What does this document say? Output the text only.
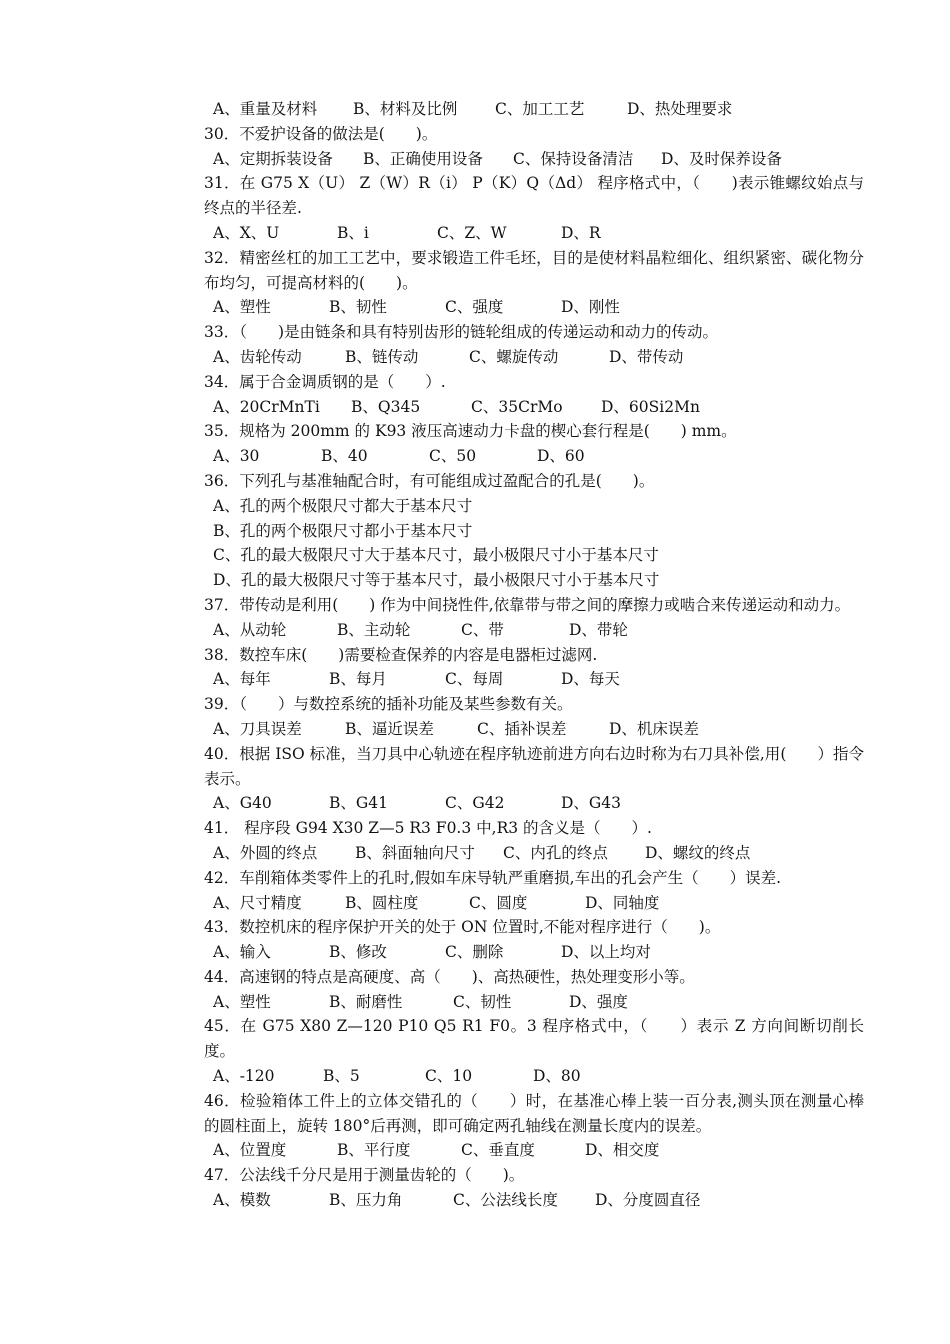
A、重量及材料	B、材料及比例	C、加工工艺	D、热处理要求
30．不爱护设备的做法是(　　)。
A、定期拆装设备	B、正确使用设备	C、保持设备清洁	D、及时保养设备
31．在 G75 X（U） Z（W）R（i） P（K）Q（Δd） 程序格式中，（　　)表示锥螺纹始点与终点的半径差.
A、X、U	B、i	C、Z、W	D、R
32．精密丝杠的加工工艺中，要求锻造工件毛坯，目的是使材料晶粒细化、组织紧密、碳化物分布均匀，可提高材料的(　　)。
A、塑性	B、韧性	C、强度	D、刚性
33．（　　)是由链条和具有特别齿形的链轮组成的传递运动和动力的传动。
A、齿轮传动	B、链传动	C、螺旋传动	D、带传动
34．属于合金调质钢的是（　　）.
A、20CrMnTi	B、Q345	C、35CrMo	D、60Si2Mn
35．规格为 200mm 的 K93 液压高速动力卡盘的楔心套行程是(　　) mm。
A、30	B、40	C、50	D、60
36．下列孔与基准轴配合时，有可能组成过盈配合的孔是(　　)。
A、孔的两个极限尺寸都大于基本尺寸
B、孔的两个极限尺寸都小于基本尺寸
C、孔的最大极限尺寸大于基本尺寸，最小极限尺寸小于基本尺寸
D、孔的最大极限尺寸等于基本尺寸，最小极限尺寸小于基本尺寸
37．带传动是利用(　　) 作为中间挠性件,依靠带与带之间的摩擦力或啮合来传递运动和动力。
A、从动轮	B、主动轮	C、带	D、带轮
38．数控车床(　　)需要检查保养的内容是电器柜过滤网.
A、每年	B、每月	C、每周	D、每天
39．（　　）与数控系统的插补功能及某些参数有关。
A、刀具误差	B、逼近误差	C、插补误差	D、机床误差
40．根据 ISO 标准，当刀具中心轨迹在程序轨迹前进方向右边时称为右刀具补偿,用(　　）指令表示。
A、G40	B、G41	C、G42	D、G43
41． 程序段 G94 X30 Z—5 R3 F0.3 中,R3 的含义是（　　）.
A、外圆的终点	B、斜面轴向尺寸	C、内孔的终点	D、螺纹的终点
42．车削箱体类零件上的孔时,假如车床导轨严重磨损,车出的孔会产生（　　）误差.
A、尺寸精度	B、圆柱度	C、圆度	D、同轴度
43．数控机床的程序保护开关的处于 ON 位置时,不能对程序进行（　　)。
A、输入	B、修改	C、删除	D、以上均对
44．高速钢的特点是高硬度、高（　　)、高热硬性，热处理变形小等。
A、塑性	B、耐磨性	C、韧性	D、强度
45．在 G75 X80 Z—120 P10 Q5 R1 F0。3 程序格式中，（　　）表示 Z 方向间断切削长度。
A、-120	B、5	C、10	D、80
46．检验箱体工件上的立体交错孔的（　　）时，在基准心棒上装一百分表,测头顶在测量心棒的圆柱面上，旋转 180°后再测，即可确定两孔轴线在测量长度内的误差。
A、位置度	B、平行度	C、垂直度	D、相交度
47．公法线千分尺是用于测量齿轮的（　　)。
A、模数	B、压力角	C、公法线长度	D、分度圆直径
